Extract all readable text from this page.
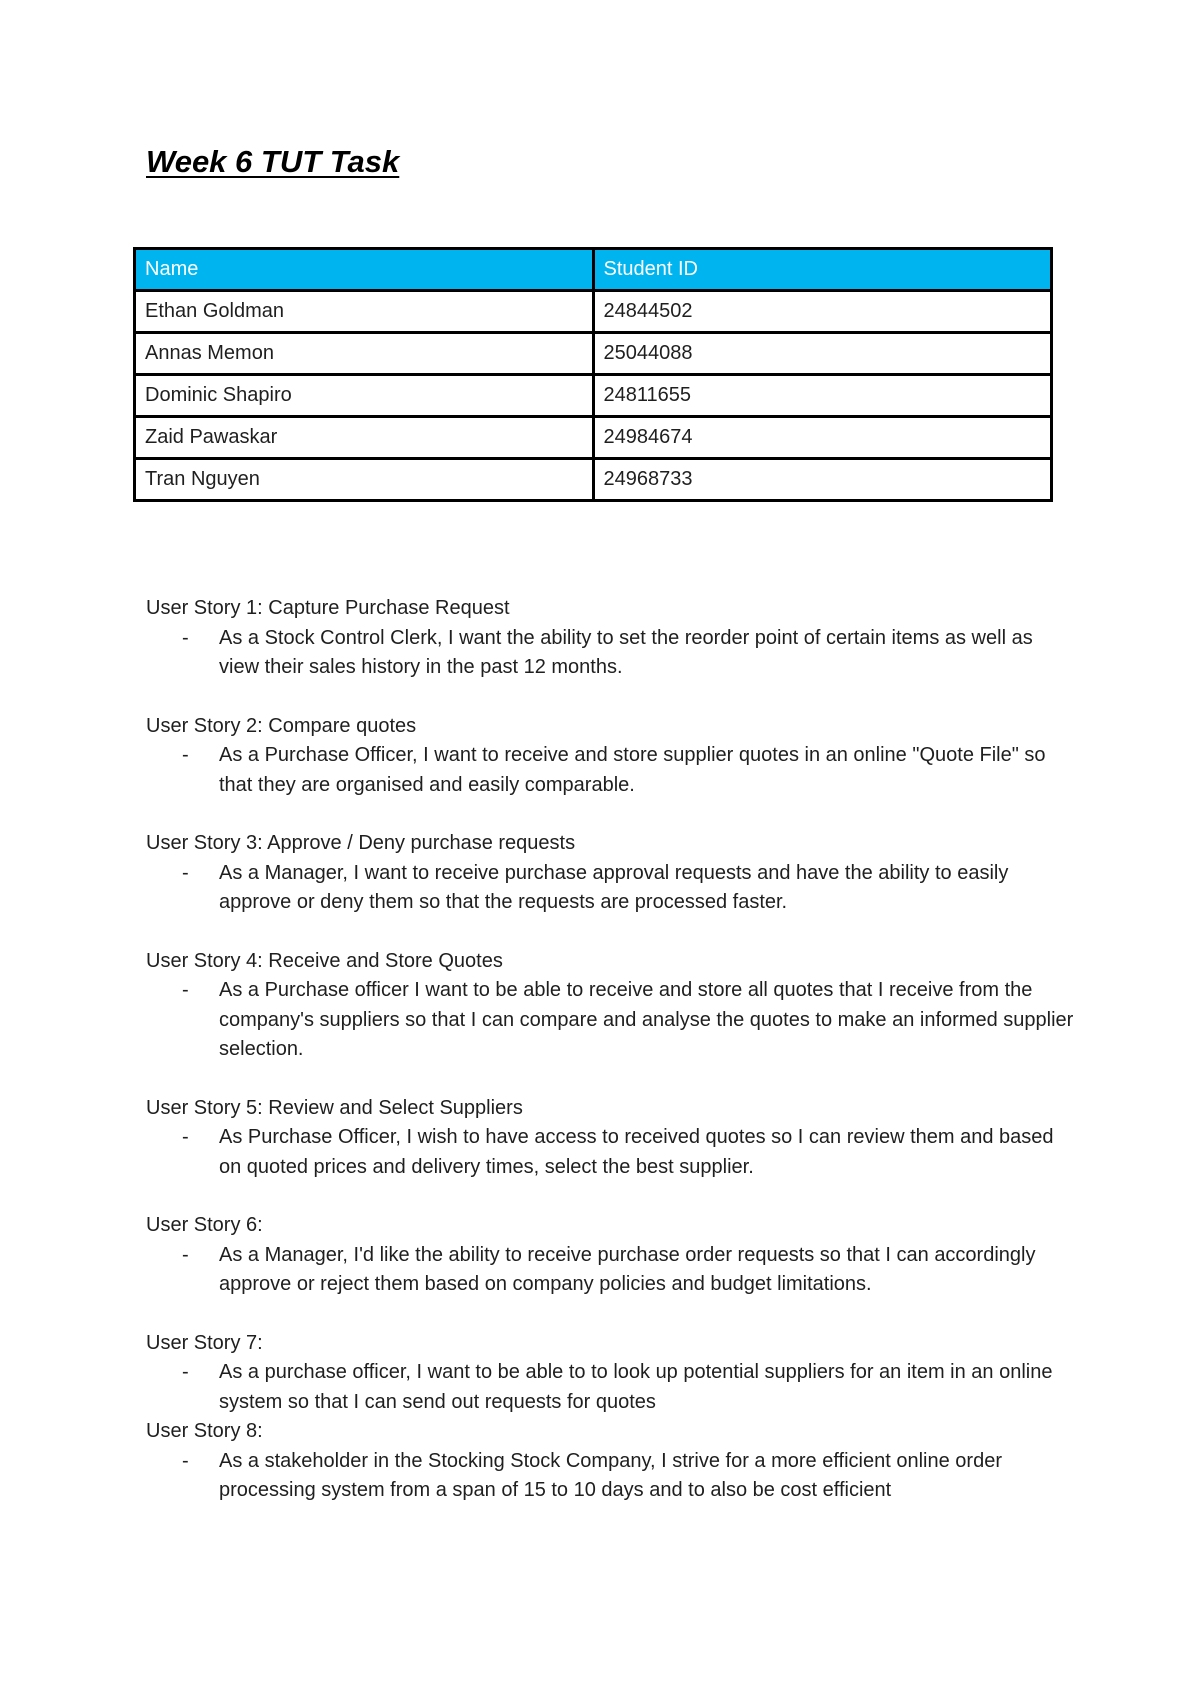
Week 6 TUT Task
Name	Student ID
Ethan Goldman	24844502
Annas Memon	25044088
Dominic Shapiro	24811655
Zaid Pawaskar	24984674
Tran Nguyen	24968733
User Story 1: Capture Purchase Request
- As a Stock Control Clerk, I want the ability to set the reorder point of certain items as well as view their sales history in the past 12 months.
User Story 2: Compare quotes
- As a Purchase Officer, I want to receive and store supplier quotes in an online "Quote File" so that they are organised and easily comparable.
User Story 3: Approve / Deny purchase requests
- As a Manager, I want to receive purchase approval requests and have the ability to easily approve or deny them so that the requests are processed faster.
User Story 4: Receive and Store Quotes
- As a Purchase officer I want to be able to receive and store all quotes that I receive from the company's suppliers so that I can compare and analyse the quotes to make an informed supplier selection.
User Story 5: Review and Select Suppliers
- As Purchase Officer, I wish to have access to received quotes so I can review them and based on quoted prices and delivery times, select the best supplier.
User Story 6:
- As a Manager, I'd like the ability to receive purchase order requests so that I can accordingly approve or reject them based on company policies and budget limitations.
User Story 7:
- As a purchase officer, I want to be able to to look up potential suppliers for an item in an online system so that I can send out requests for quotes
User Story 8:
- As a stakeholder in the Stocking Stock Company, I strive for a more efficient online order processing system from a span of 15 to 10 days and to also be cost efficient
